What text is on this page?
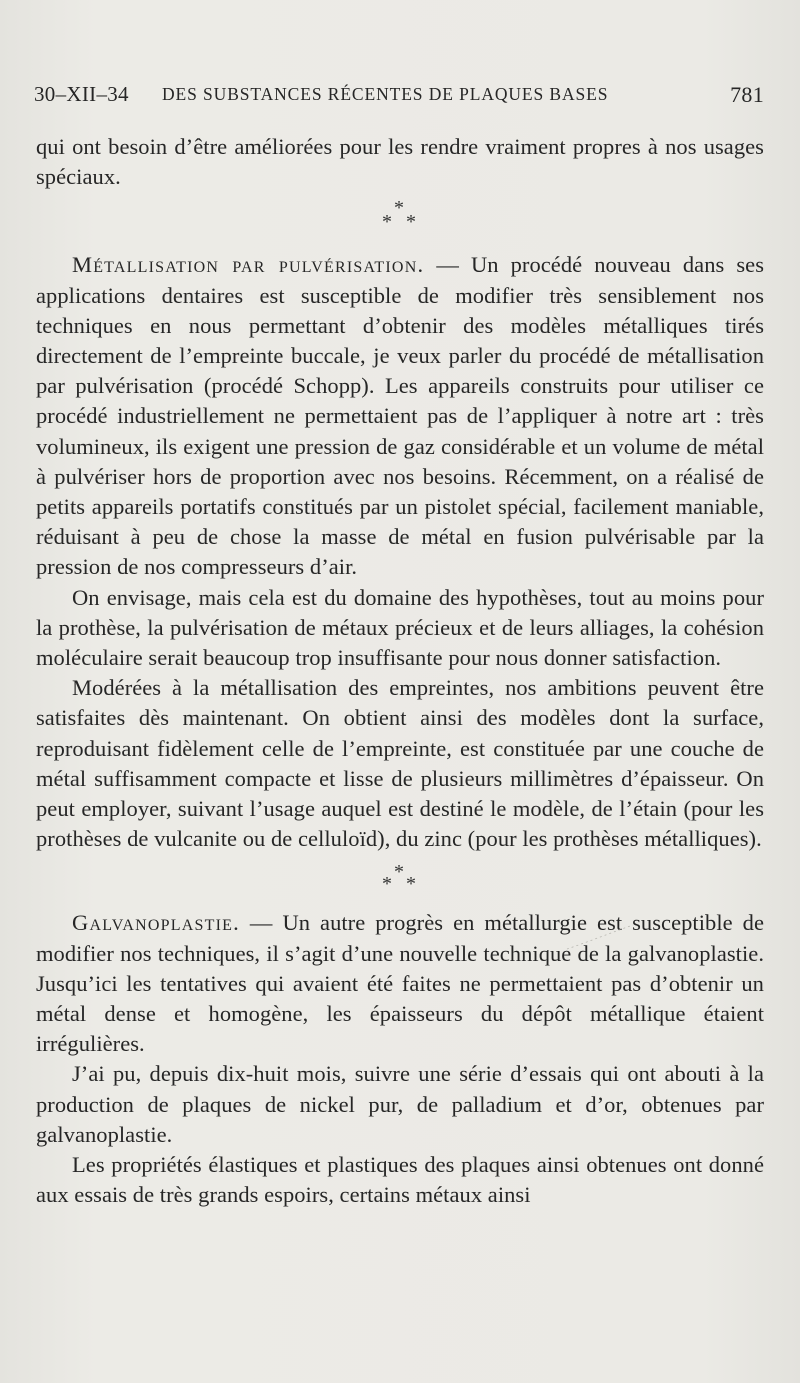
30–XII–34 DES SUBSTANCES RÉCENTES DE PLAQUES BASES	781

qui ont besoin d’être améliorées pour les rendre vraiment propres à nos usages spéciaux.

*
* *

Métallisation par pulvérisation. — Un procédé nouveau dans ses applications dentaires est susceptible de modifier très sensiblement nos techniques en nous permettant d’obtenir des modèles métalliques tirés directement de l’empreinte buccale, je veux parler du procédé de métallisation par pulvérisation (procédé Schopp). Les appareils construits pour utiliser ce procédé industriellement ne permettaient pas de l’appliquer à notre art : très volumineux, ils exigent une pression de gaz considérable et un volume de métal à pulvériser hors de proportion avec nos besoins. Récemment, on a réalisé de petits appareils portatifs constitués par un pistolet spécial, facilement maniable, réduisant à peu de chose la masse de métal en fusion pulvérisable par la pression de nos compresseurs d’air.

On envisage, mais cela est du domaine des hypothèses, tout au moins pour la prothèse, la pulvérisation de métaux précieux et de leurs alliages, la cohésion moléculaire serait beaucoup trop insuffisante pour nous donner satisfaction.

Modérées à la métallisation des empreintes, nos ambitions peuvent être satisfaites dès maintenant. On obtient ainsi des modèles dont la surface, reproduisant fidèlement celle de l’empreinte, est constituée par une couche de métal suffisamment compacte et lisse de plusieurs millimètres d’épaisseur. On peut employer, suivant l’usage auquel est destiné le modèle, de l’étain (pour les prothèses de vulcanite ou de celluloïd), du zinc (pour les prothèses métalliques).

*
* *

Galvanoplastie. — Un autre progrès en métallurgie est susceptible de modifier nos techniques, il s’agit d’une nouvelle technique de la galvanoplastie. Jusqu’ici les tentatives qui avaient été faites ne permettaient pas d’obtenir un métal dense et homogène, les épaisseurs du dépôt métallique étaient irrégulières.

J’ai pu, depuis dix-huit mois, suivre une série d’essais qui ont abouti à la production de plaques de nickel pur, de palladium et d’or, obtenues par galvanoplastie.

Les propriétés élastiques et plastiques des plaques ainsi obtenues ont donné aux essais de très grands espoirs, certains métaux ainsi
